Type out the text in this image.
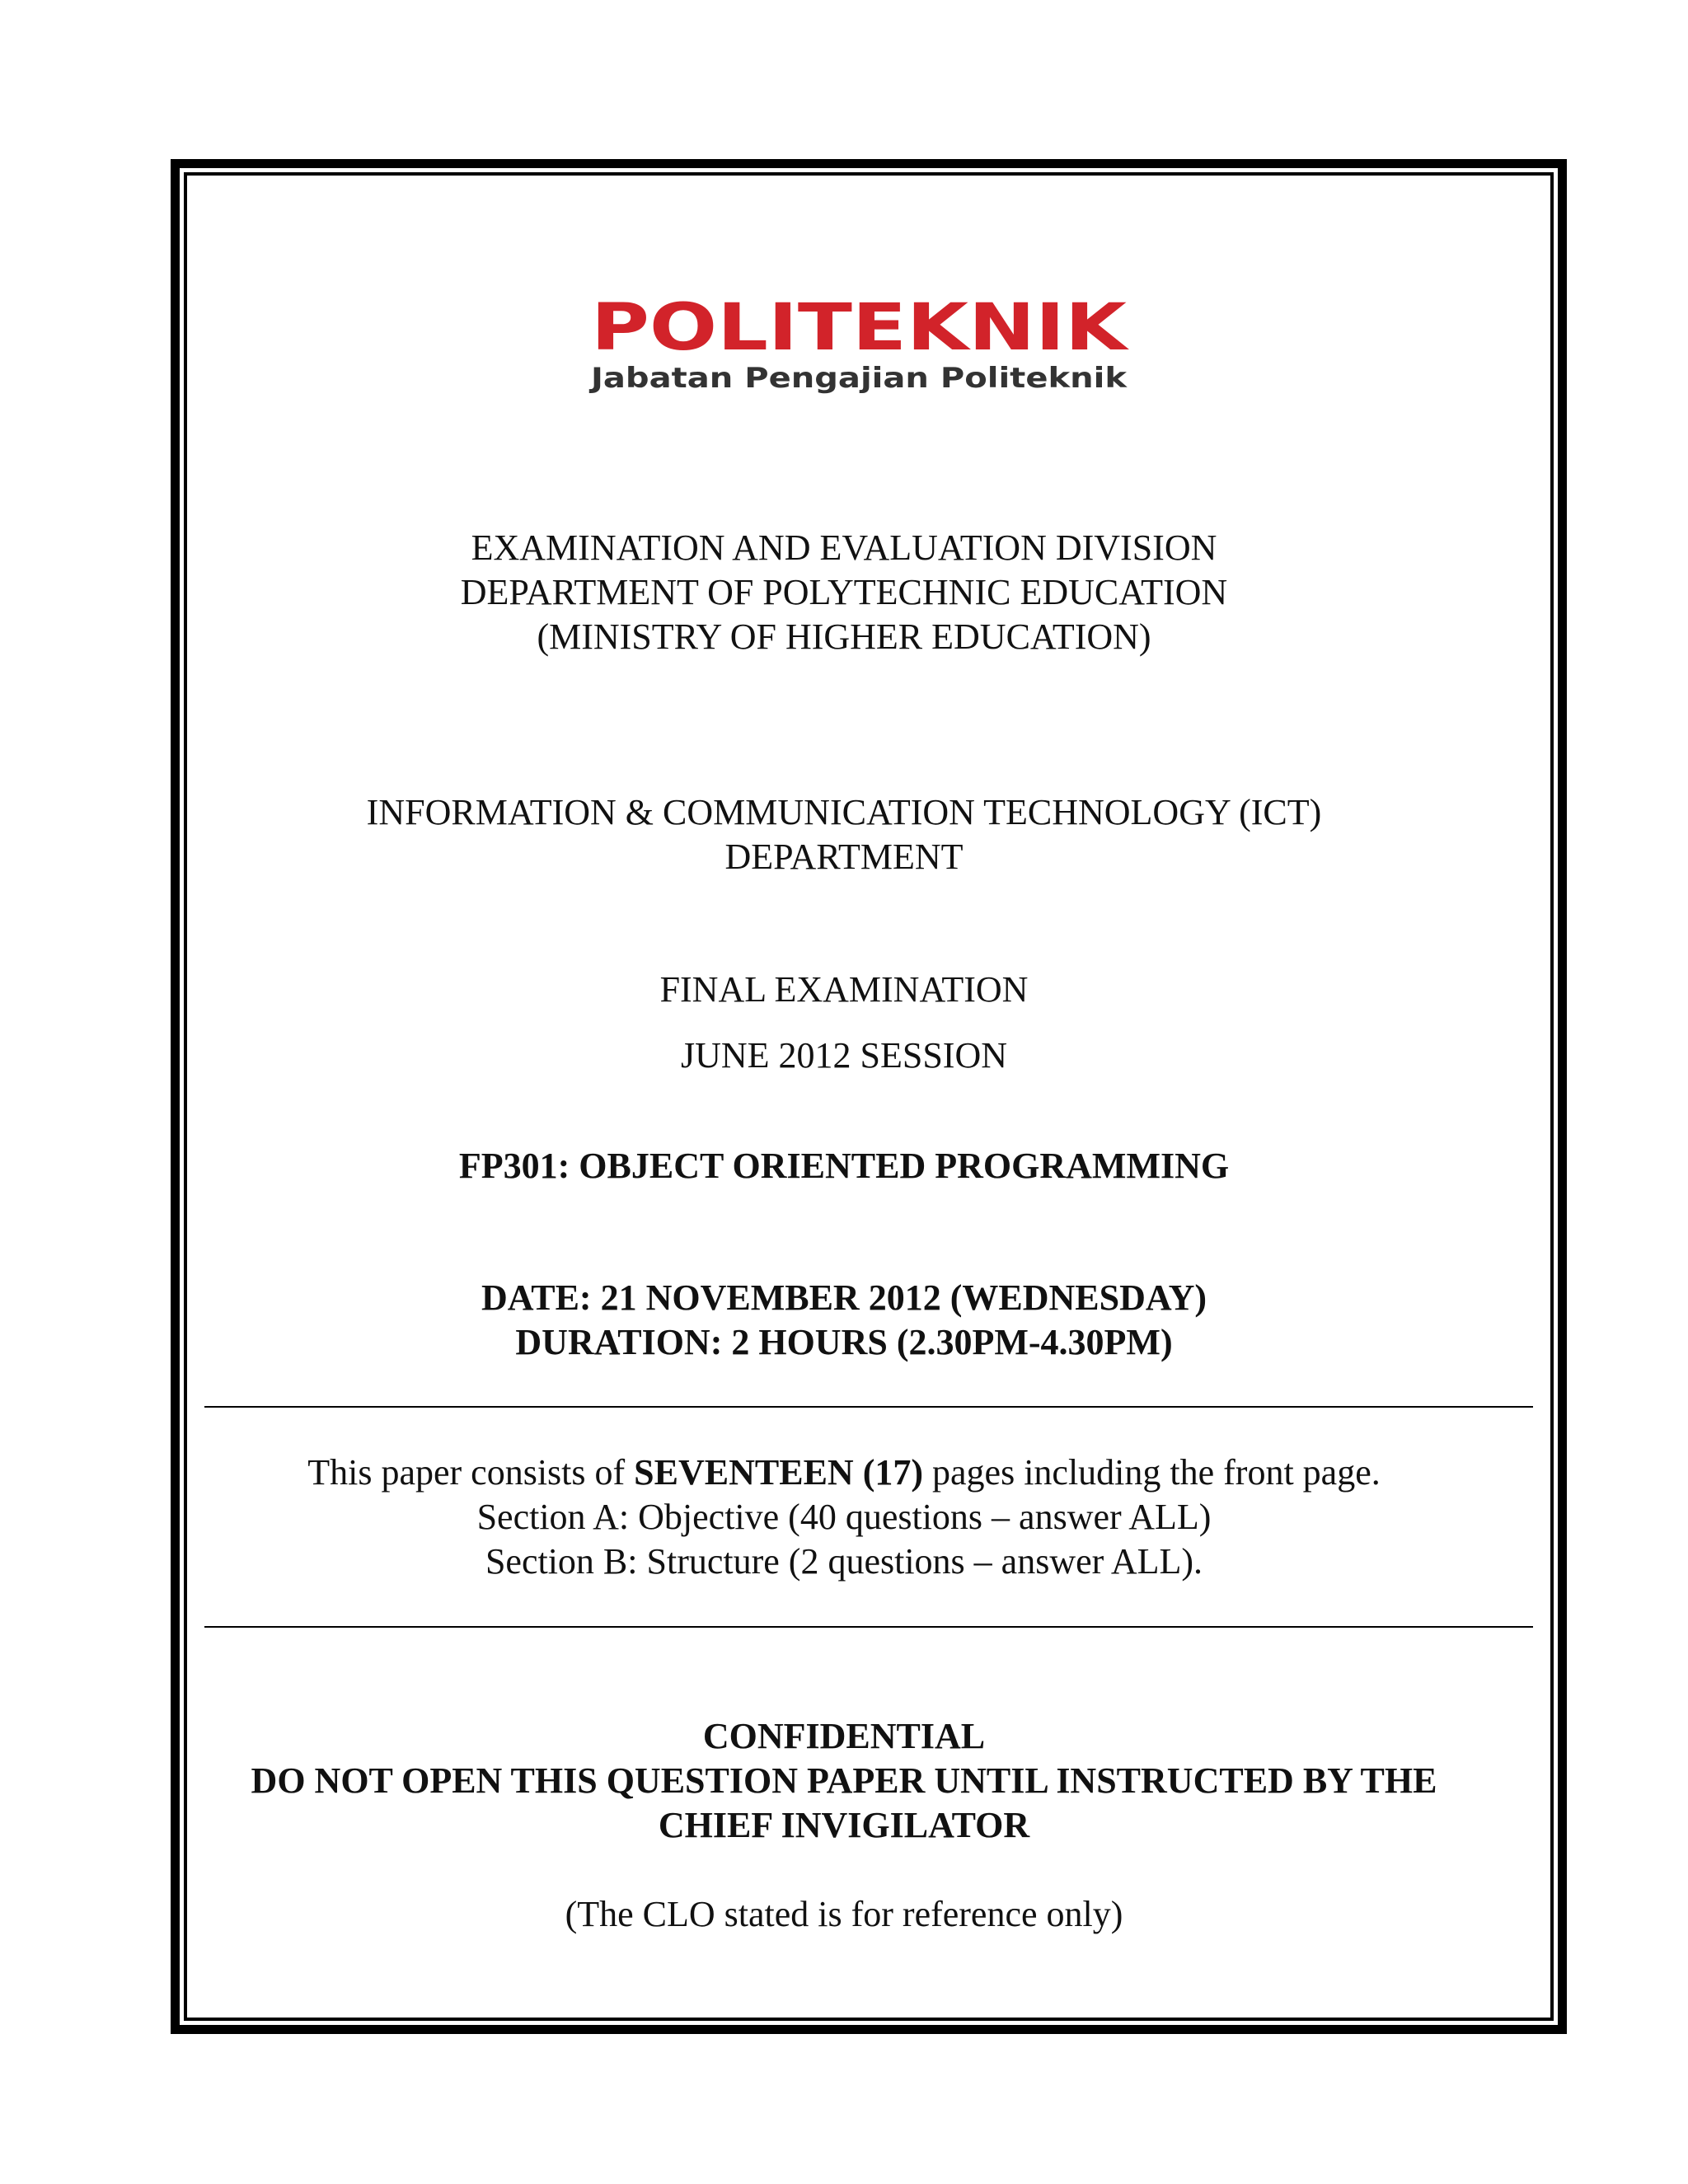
POLITEKNIK
Jabatan Pengajian Politeknik
EXAMINATION AND EVALUATION DIVISION
DEPARTMENT OF POLYTECHNIC EDUCATION
(MINISTRY OF HIGHER EDUCATION)
INFORMATION & COMMUNICATION TECHNOLOGY (ICT)
DEPARTMENT
FINAL EXAMINATION
JUNE 2012 SESSION
FP301: OBJECT ORIENTED PROGRAMMING
DATE: 21 NOVEMBER 2012 (WEDNESDAY)
DURATION: 2 HOURS (2.30PM-4.30PM)
This paper consists of SEVENTEEN (17) pages including the front page.
Section A: Objective (40 questions – answer ALL)
Section B: Structure (2 questions – answer ALL).
CONFIDENTIAL
DO NOT OPEN THIS QUESTION PAPER UNTIL INSTRUCTED BY THE
CHIEF INVIGILATOR
(The CLO stated is for reference only)
